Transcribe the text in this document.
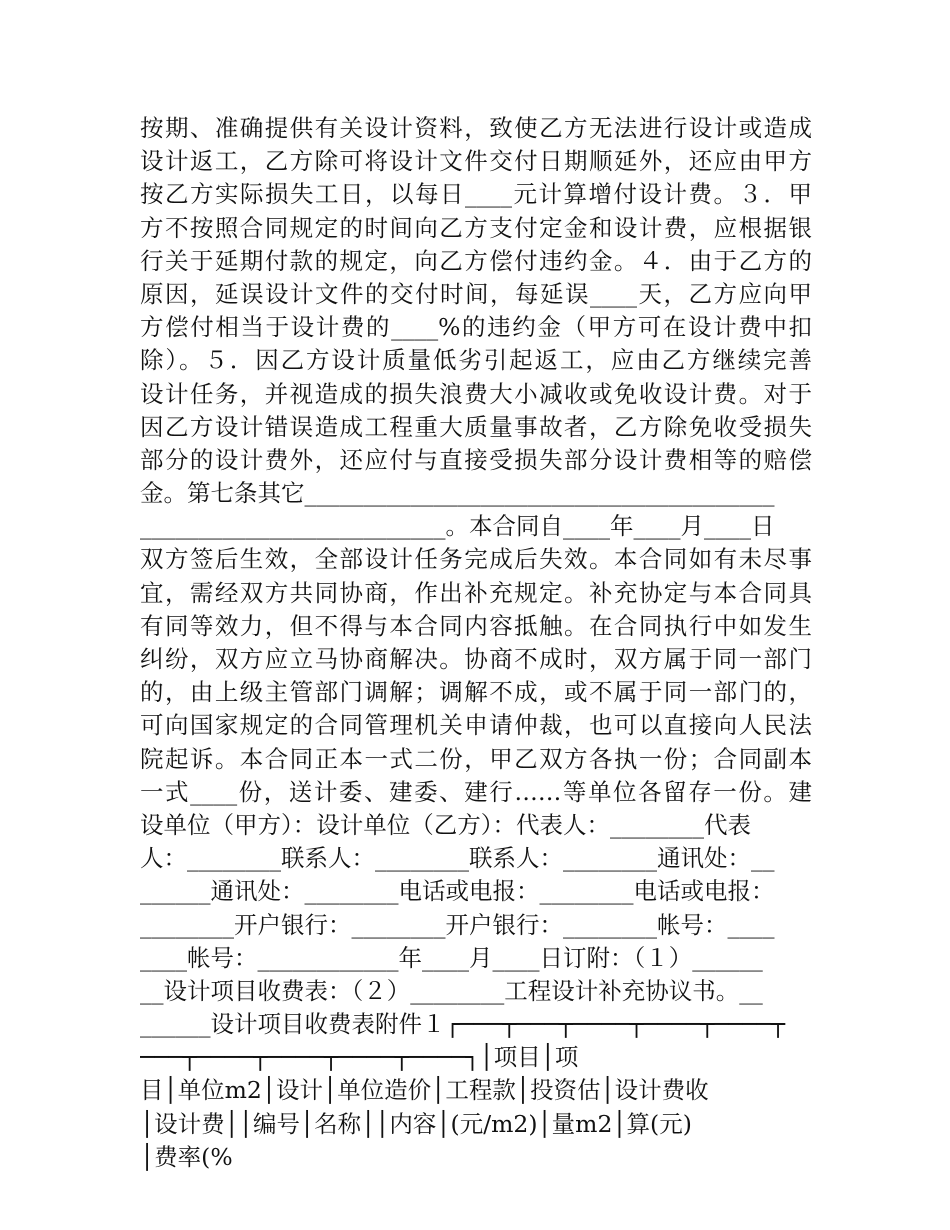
按期、准确提供有关设计资料，致使乙方无法进行设计或造成
设计返工，乙方除可将设计文件交付日期顺延外，还应由甲方
按乙方实际损失工日，以每日____元计算增付设计费。３．甲
方不按照合同规定的时间向乙方支付定金和设计费，应根据银
行关于延期付款的规定，向乙方偿付违约金。４．由于乙方的
原因，延误设计文件的交付时间，每延误____天，乙方应向甲
方偿付相当于设计费的____%的违约金（甲方可在设计费中扣
除）。５．因乙方设计质量低劣引起返工，应由乙方继续完善
设计任务，并视造成的损失浪费大小减收或免收设计费。对于
因乙方设计错误造成工程重大质量事故者，乙方除免收受损失
部分的设计费外，还应付与直接受损失部分设计费相等的赔偿
金。第七条其它________________________________________
__________________________。本合同自____年____月____日
双方签后生效，全部设计任务完成后失效。本合同如有未尽事
宜，需经双方共同协商，作出补充规定。补充协定与本合同具
有同等效力，但不得与本合同内容抵触。在合同执行中如发生
纠纷，双方应立马协商解决。协商不成时，双方属于同一部门
的，由上级主管部门调解；调解不成，或不属于同一部门的，
可向国家规定的合同管理机关申请仲裁，也可以直接向人民法
院起诉。本合同正本一式二份，甲乙双方各执一份；合同副本
一式____份，送计委、建委、建行……等单位各留存一份。建
设单位（甲方）：设计单位（乙方）：代表人：________代表
人：________联系人：________联系人：________通讯处：__
______通讯处：________电话或电报：________电话或电报：
________开户银行：________开户银行：________帐号：____
____帐号：____________年____月____日订附：（１）______
__设计项目收费表：（２）________工程设计补充协议书。__
______设计项目收费表附件１┌───┬───┬────┬────┬────┬
───┬────┬────┬────┬────┐│项目│项
目│单位m2│设计│单位造价│工程款│投资估│设计费收
│设计费││编号│名称││内容│(元/m2)│量m2│算(元)
│费率(%
